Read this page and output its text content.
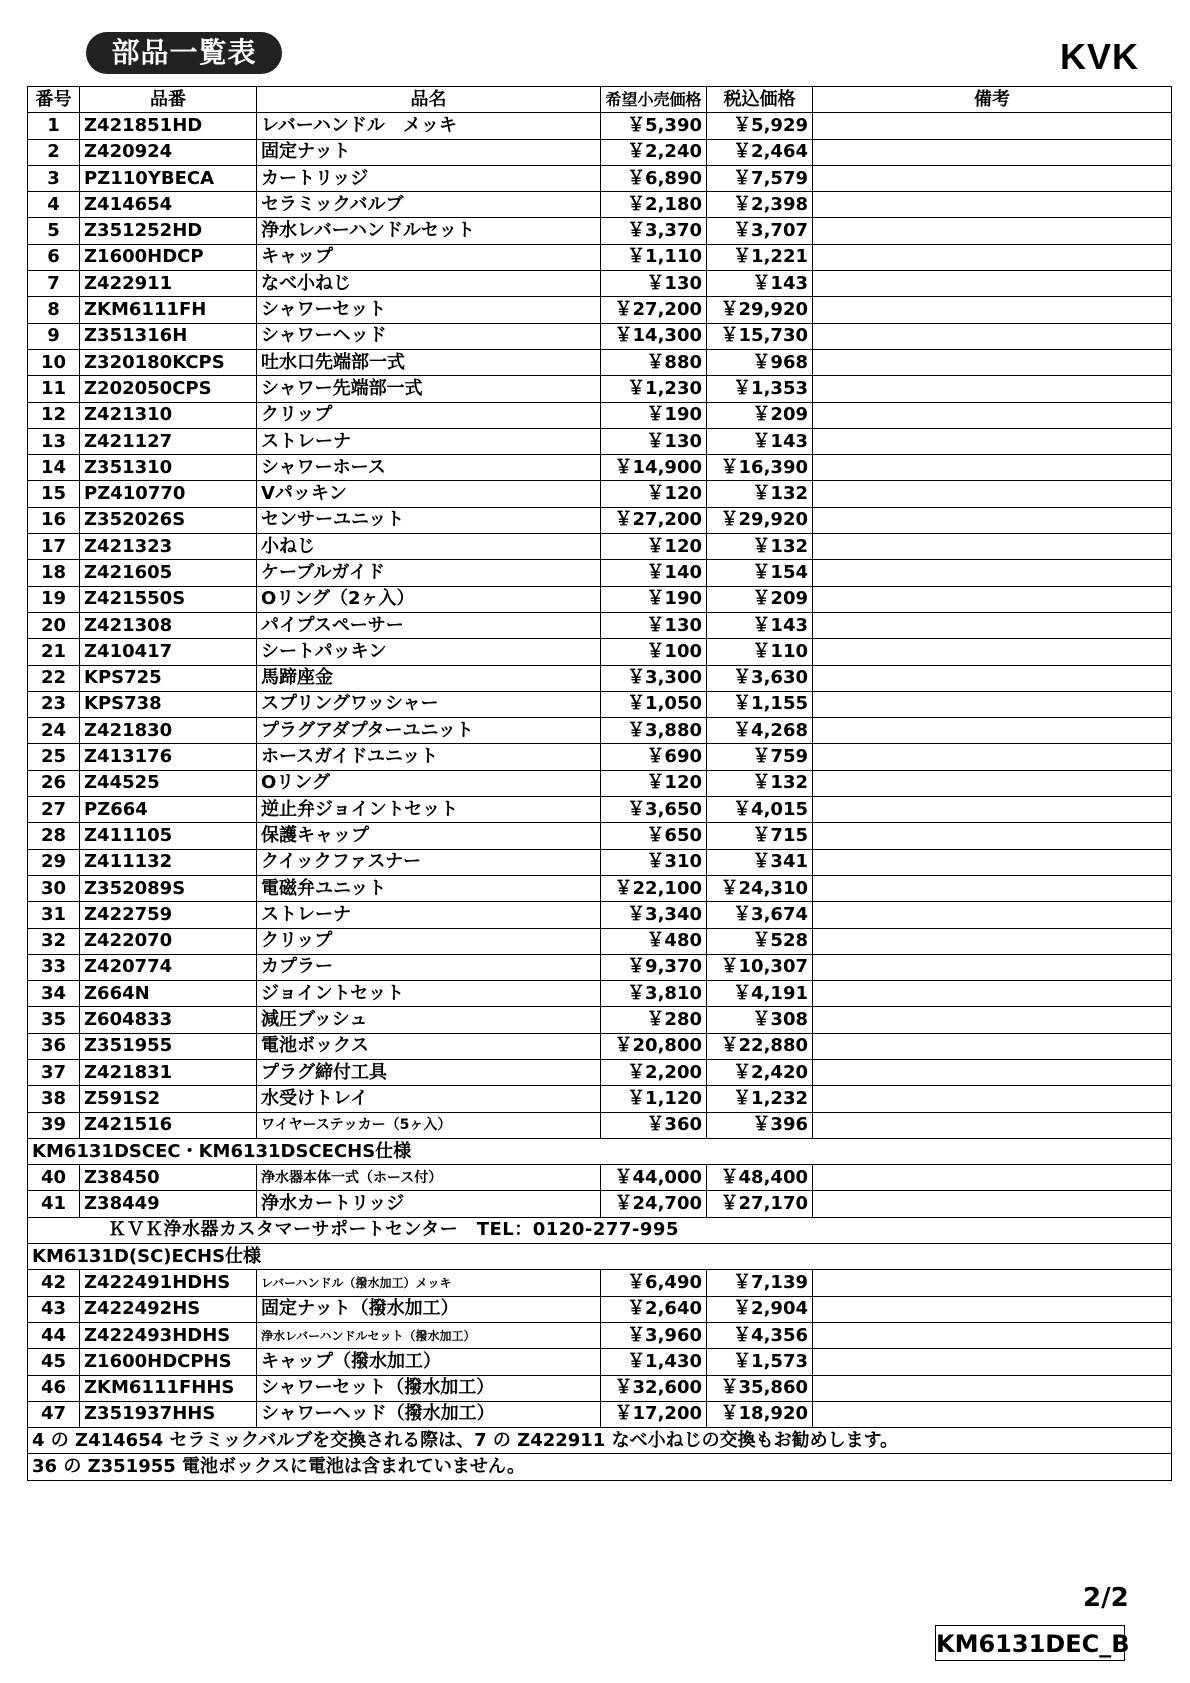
部品一覧表	KVK
番号	品番	品名	希望小売価格	税込価格	備考
1	Z421851HD	レバーハンドル　メッキ	￥5,390	￥5,929	
2	Z420924	固定ナット	￥2,240	￥2,464	
3	PZ110YBECA	カートリッジ	￥6,890	￥7,579	
4	Z414654	セラミックバルブ	￥2,180	￥2,398	
5	Z351252HD	浄水レバーハンドルセット	￥3,370	￥3,707	
6	Z1600HDCP	キャップ	￥1,110	￥1,221	
7	Z422911	なべ小ねじ	￥130	￥143	
8	ZKM6111FH	シャワーセット	￥27,200	￥29,920	
9	Z351316H	シャワーヘッド	￥14,300	￥15,730	
10	Z320180KCPS	吐水口先端部一式	￥880	￥968	
11	Z202050CPS	シャワー先端部一式	￥1,230	￥1,353	
12	Z421310	クリップ	￥190	￥209	
13	Z421127	ストレーナ	￥130	￥143	
14	Z351310	シャワーホース	￥14,900	￥16,390	
15	PZ410770	Vパッキン	￥120	￥132	
16	Z352026S	センサーユニット	￥27,200	￥29,920	
17	Z421323	小ねじ	￥120	￥132	
18	Z421605	ケーブルガイド	￥140	￥154	
19	Z421550S	Oリング（2ヶ入）	￥190	￥209	
20	Z421308	パイプスペーサー	￥130	￥143	
21	Z410417	シートパッキン	￥100	￥110	
22	KPS725	馬蹄座金	￥3,300	￥3,630	
23	KPS738	スプリングワッシャー	￥1,050	￥1,155	
24	Z421830	プラグアダプターユニット	￥3,880	￥4,268	
25	Z413176	ホースガイドユニット	￥690	￥759	
26	Z44525	Oリング	￥120	￥132	
27	PZ664	逆止弁ジョイントセット	￥3,650	￥4,015	
28	Z411105	保護キャップ	￥650	￥715	
29	Z411132	クイックファスナー	￥310	￥341	
30	Z352089S	電磁弁ユニット	￥22,100	￥24,310	
31	Z422759	ストレーナ	￥3,340	￥3,674	
32	Z422070	クリップ	￥480	￥528	
33	Z420774	カプラー	￥9,370	￥10,307	
34	Z664N	ジョイントセット	￥3,810	￥4,191	
35	Z604833	減圧ブッシュ	￥280	￥308	
36	Z351955	電池ボックス	￥20,800	￥22,880	
37	Z421831	プラグ締付工具	￥2,200	￥2,420	
38	Z591S2	水受けトレイ	￥1,120	￥1,232	
39	Z421516	ワイヤーステッカー（5ヶ入）	￥360	￥396	
KM6131DSCEC・KM6131DSCECHS仕様					
40	Z38450	浄水器本体一式（ホース付）	￥44,000	￥48,400	
41	Z38449	浄水カートリッジ	￥24,700	￥27,170	
ＫＶＫ浄水器カスタマーサポートセンター　TEL：0120-277-995					
KM6131D(SC)ECHS仕様					
42	Z422491HDHS	レバーハンドル（撥水加工）メッキ	￥6,490	￥7,139	
43	Z422492HS	固定ナット（撥水加工）	￥2,640	￥2,904	
44	Z422493HDHS	浄水レバーハンドルセット（撥水加工）	￥3,960	￥4,356	
45	Z1600HDCPHS	キャップ（撥水加工）	￥1,430	￥1,573	
46	ZKM6111FHHS	シャワーセット（撥水加工）	￥32,600	￥35,860	
47	Z351937HHS	シャワーヘッド（撥水加工）	￥17,200	￥18,920	
4 の Z414654 セラミックバルブを交換される際は、7 の Z422911 なべ小ねじの交換もお勧めします。					
36 の Z351955 電池ボックスに電池は含まれていません。					
2/2
KM6131DEC_B
